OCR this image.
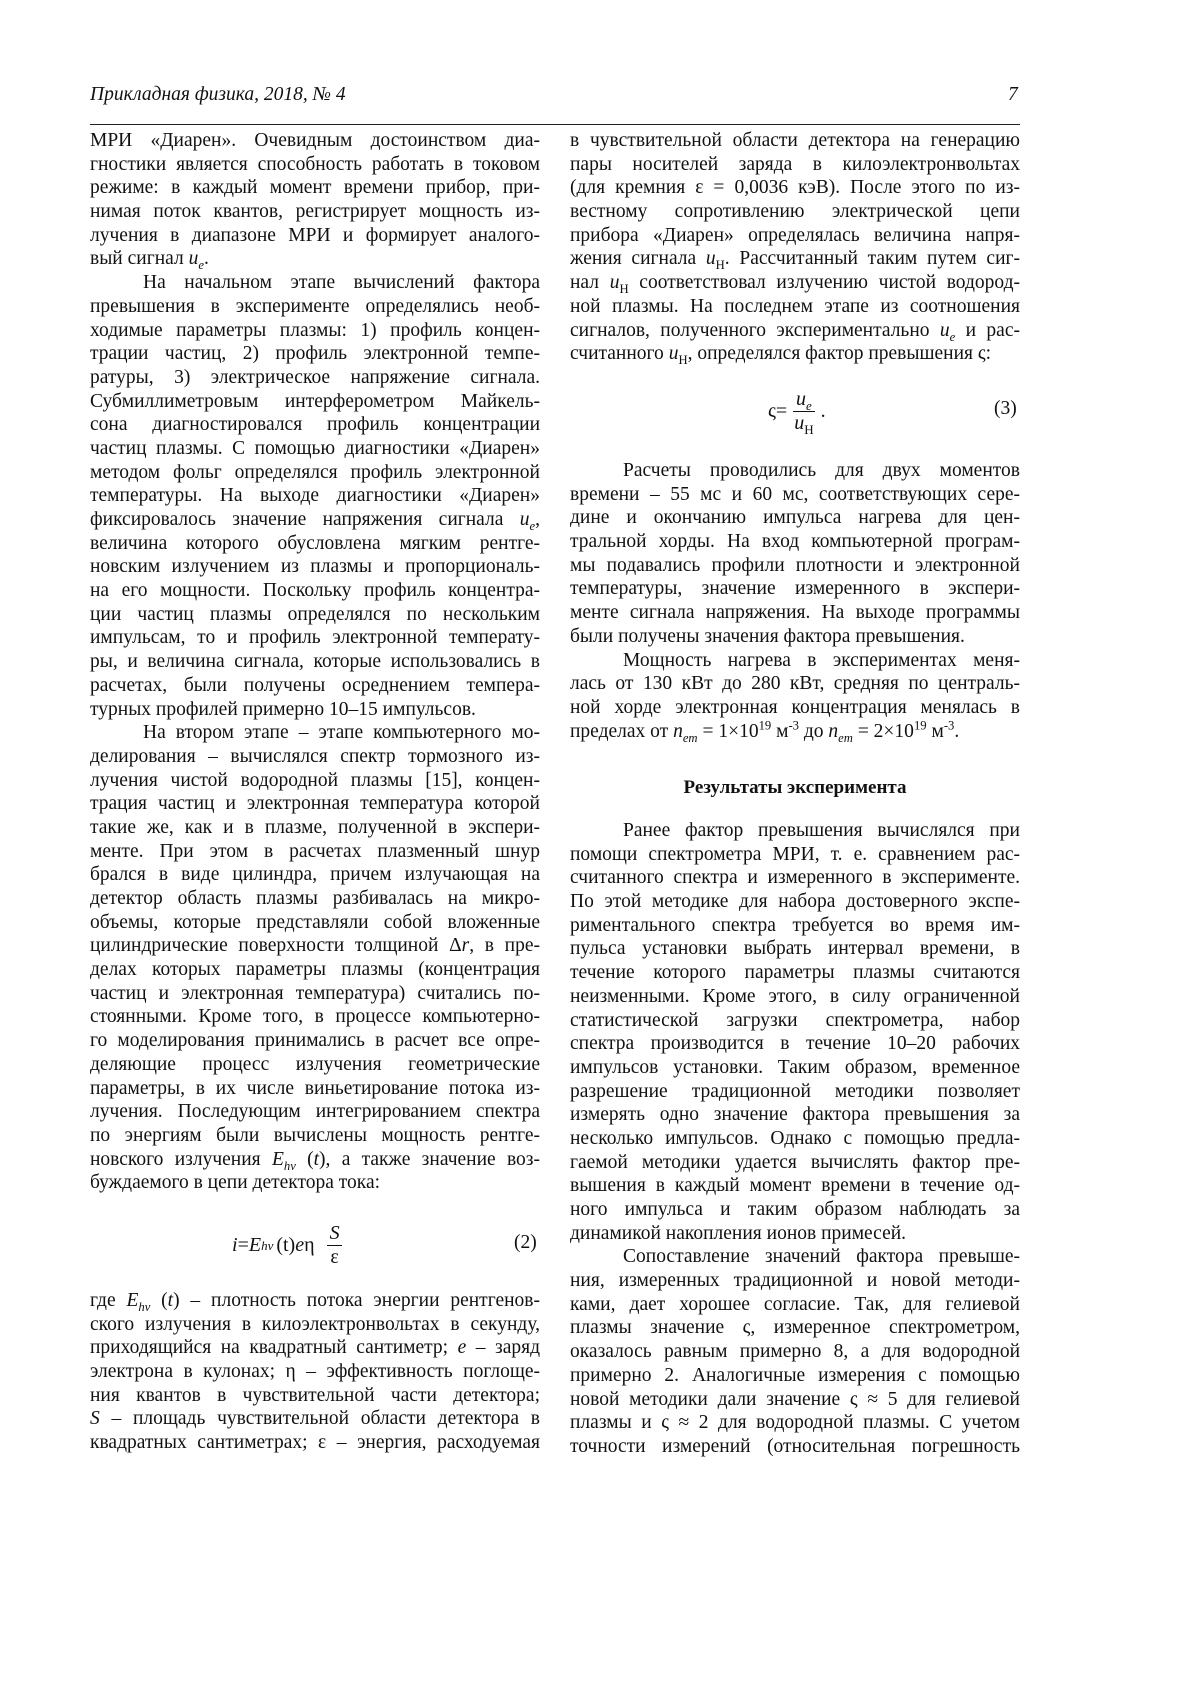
Прикладная физика, 2018, № 4	7
МРИ «Диарен». Очевидным достоинством диа-
гностики является способность работать в токовом
режиме: в каждый момент времени прибор, при-
нимая поток квантов, регистрирует мощность из-
лучения в диапазоне МРИ и формирует аналого-
вый сигнал ue.
На начальном этапе вычислений фактора
превышения в эксперименте определялись необ-
ходимые параметры плазмы: 1) профиль концен-
трации частиц, 2) профиль электронной темпе-
ратуры, 3) электрическое напряжение сигнала.
Субмиллиметровым интерферометром Майкель-
сона диагностировался профиль концентрации
частиц плазмы. С помощью диагностики «Диарен»
методом фольг определялся профиль электронной
температуры. На выходе диагностики «Диарен»
фиксировалось значение напряжения сигнала ue,
величина которого обусловлена мягким рентге-
новским излучением из плазмы и пропорциональ-
на его мощности. Поскольку профиль концентра-
ции частиц плазмы определялся по нескольким
импульсам, то и профиль электронной температу-
ры, и величина сигнала, которые использовались в
расчетах, были получены осреднением темпера-
турных профилей примерно 10–15 импульсов.
На втором этапе – этапе компьютерного мо-
делирования – вычислялся спектр тормозного из-
лучения чистой водородной плазмы [15], концен-
трация частиц и электронная температура которой
такие же, как и в плазме, полученной в экспери-
менте. При этом в расчетах плазменный шнур
брался в виде цилиндра, причем излучающая на
детектор область плазмы разбивалась на микро-
объемы, которые представляли собой вложенные
цилиндрические поверхности толщиной Δr, в пре-
делах которых параметры плазмы (концентрация
частиц и электронная температура) считались по-
стоянными. Кроме того, в процессе компьютерно-
го моделирования принимались в расчет все опре-
деляющие процесс излучения геометрические
параметры, в их числе виньетирование потока из-
лучения. Последующим интегрированием спектра
по энергиям были вычислены мощность рентге-
новского излучения Ehν (t), а также значение воз-
буждаемого в цепи детектора тока:
i = E hν (t) e η
S
ε
(2)
где Ehν (t) – плотность потока энергии рентгенов-
ского излучения в килоэлектронвольтах в секунду,
приходящийся на квадратный сантиметр; e – заряд
электрона в кулонах; η – эффективность поглоще-
ния квантов в чувствительной части детектора;
S – площадь чувствительной области детектора в
квадратных сантиметрах; ε – энергия, расходуемая
в чувствительной области детектора на генерацию
пары носителей заряда в килоэлектронвольтах
(для кремния ε = 0,0036 кэВ). После этого по из-
вестному сопротивлению электрической цепи
прибора «Диарен» определялась величина напря-
жения сигнала uН. Рассчитанный таким путем сиг-
нал uН соответствовал излучению чистой водород-
ной плазмы. На последнем этапе из соотношения
сигналов, полученного экспериментально ue и рас-
считанного uН, определялся фактор превышения ς:
ς =
ue
uН
.	(3)
Расчеты проводились для двух моментов
времени – 55 мс и 60 мс, соответствующих сере-
дине и окончанию импульса нагрева для цен-
тральной хорды. На вход компьютерной програм-
мы подавались профили плотности и электронной
температуры, значение измеренного в экспери-
менте сигнала напряжения. На выходе программы
были получены значения фактора превышения.
Мощность нагрева в экспериментах меня-
лась от 130 кВт до 280 кВт, средняя по централь-
ной хорде электронная концентрация менялась в
пределах от nem = 1×1019 м-3 до nem = 2×1019 м-3.
Результаты эксперимента
Ранее фактор превышения вычислялся при
помощи спектрометра МРИ, т. е. сравнением рас-
считанного спектра и измеренного в эксперименте.
По этой методике для набора достоверного экспе-
риментального спектра требуется во время им-
пульса установки выбрать интервал времени, в
течение которого параметры плазмы считаются
неизменными. Кроме этого, в силу ограниченной
статистической загрузки спектрометра, набор
спектра производится в течение 10–20 рабочих
импульсов установки. Таким образом, временное
разрешение традиционной методики позволяет
измерять одно значение фактора превышения за
несколько импульсов. Однако с помощью предла-
гаемой методики удается вычислять фактор пре-
вышения в каждый момент времени в течение од-
ного импульса и таким образом наблюдать за
динамикой накопления ионов примесей.
Сопоставление значений фактора превыше-
ния, измеренных традиционной и новой методи-
ками, дает хорошее согласие. Так, для гелиевой
плазмы значение ς, измеренное спектрометром,
оказалось равным примерно 8, а для водородной
примерно 2. Аналогичные измерения с помощью
новой методики дали значение ς ≈ 5 для гелиевой
плазмы и ς ≈ 2 для водородной плазмы. С учетом
точности измерений (относительная погрешность
